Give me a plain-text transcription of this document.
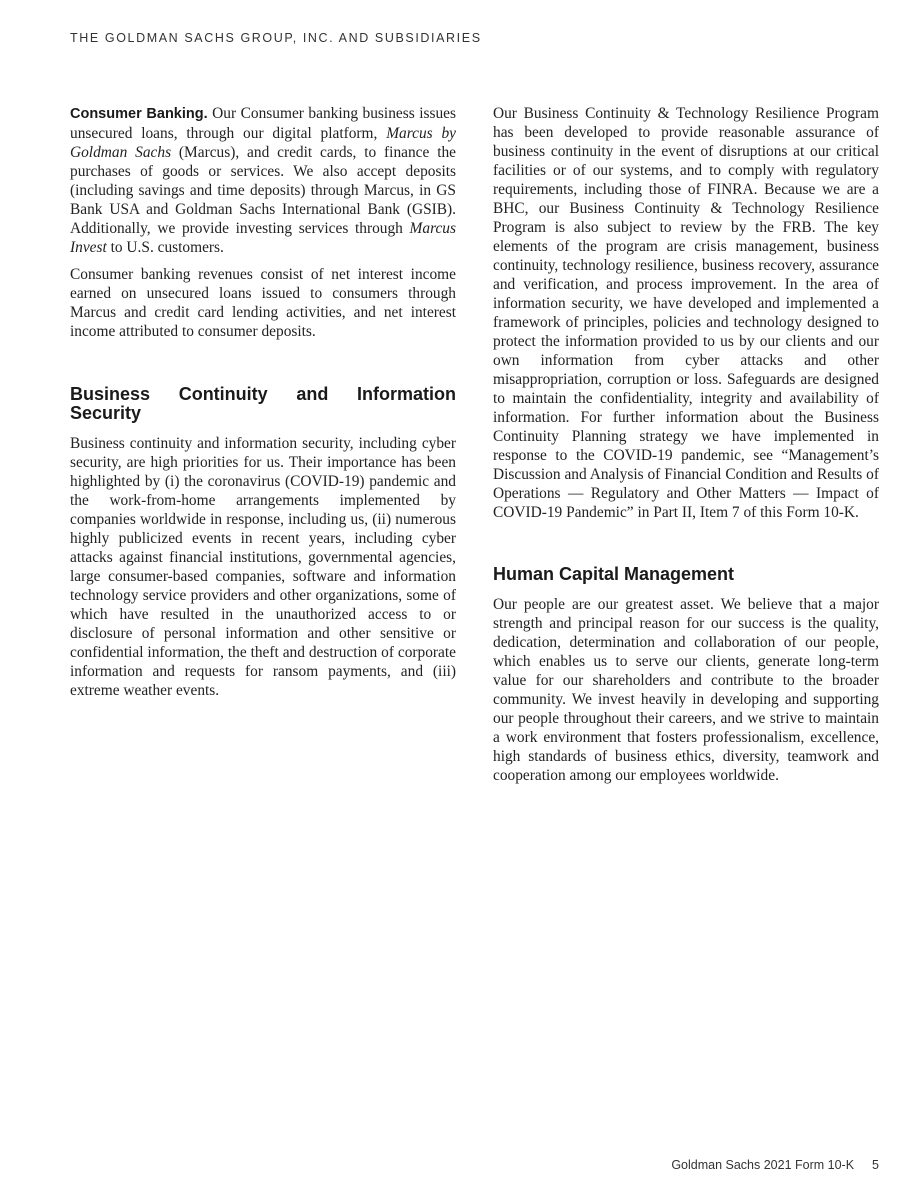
THE GOLDMAN SACHS GROUP, INC. AND SUBSIDIARIES

Consumer Banking. Our Consumer banking business issues unsecured loans, through our digital platform, Marcus by Goldman Sachs (Marcus), and credit cards, to finance the purchases of goods or services. We also accept deposits (including savings and time deposits) through Marcus, in GS Bank USA and Goldman Sachs International Bank (GSIB). Additionally, we provide investing services through Marcus Invest to U.S. customers.

Consumer banking revenues consist of net interest income earned on unsecured loans issued to consumers through Marcus and credit card lending activities, and net interest income attributed to consumer deposits.

Business Continuity and Information Security

Business continuity and information security, including cyber security, are high priorities for us. Their importance has been highlighted by (i) the coronavirus (COVID-19) pandemic and the work-from-home arrangements implemented by companies worldwide in response, including us, (ii) numerous highly publicized events in recent years, including cyber attacks against financial institutions, governmental agencies, large consumer-based companies, software and information technology service providers and other organizations, some of which have resulted in the unauthorized access to or disclosure of personal information and other sensitive or confidential information, the theft and destruction of corporate information and requests for ransom payments, and (iii) extreme weather events.

Our Business Continuity & Technology Resilience Program has been developed to provide reasonable assurance of business continuity in the event of disruptions at our critical facilities or of our systems, and to comply with regulatory requirements, including those of FINRA. Because we are a BHC, our Business Continuity & Technology Resilience Program is also subject to review by the FRB. The key elements of the program are crisis management, business continuity, technology resilience, business recovery, assurance and verification, and process improvement. In the area of information security, we have developed and implemented a framework of principles, policies and technology designed to protect the information provided to us by our clients and our own information from cyber attacks and other misappropriation, corruption or loss. Safeguards are designed to maintain the confidentiality, integrity and availability of information. For further information about the Business Continuity Planning strategy we have implemented in response to the COVID-19 pandemic, see “Management’s Discussion and Analysis of Financial Condition and Results of Operations — Regulatory and Other Matters — Impact of COVID-19 Pandemic” in Part II, Item 7 of this Form 10-K.

Human Capital Management

Our people are our greatest asset. We believe that a major strength and principal reason for our success is the quality, dedication, determination and collaboration of our people, which enables us to serve our clients, generate long-term value for our shareholders and contribute to the broader community. We invest heavily in developing and supporting our people throughout their careers, and we strive to maintain a work environment that fosters professionalism, excellence, high standards of business ethics, diversity, teamwork and cooperation among our employees worldwide.

Goldman Sachs 2021 Form 10-K 5
